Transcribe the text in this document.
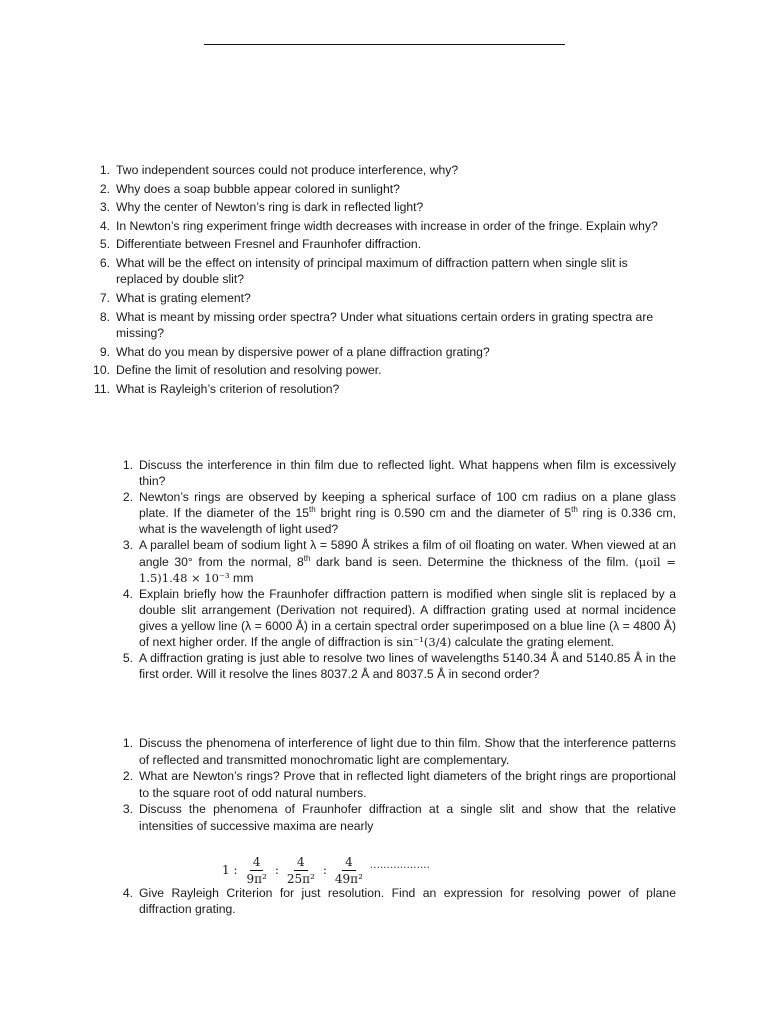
1. Two independent sources could not produce interference, why?
2. Why does a soap bubble appear colored in sunlight?
3. Why the center of Newton’s ring is dark in reflected light?
4. In Newton’s ring experiment fringe width decreases with increase in order of the fringe. Explain why?
5. Differentiate between Fresnel and Fraunhofer diffraction.
6. What will be the effect on intensity of principal maximum of diffraction pattern when single slit is replaced by double slit?
7. What is grating element?
8. What is meant by missing order spectra? Under what situations certain orders in grating spectra are missing?
9. What do you mean by dispersive power of a plane diffraction grating?
10. Define the limit of resolution and resolving power.
11. What is Rayleigh’s criterion of resolution?
1. Discuss the interference in thin film due to reflected light. What happens when film is excessively thin?
2. Newton’s rings are observed by keeping a spherical surface of 100 cm radius on a plane glass plate. If the diameter of the 15th bright ring is 0.590 cm and the diameter of 5th ring is 0.336 cm, what is the wavelength of light used?
3. A parallel beam of sodium light λ = 5890 Å strikes a film of oil floating on water. When viewed at an angle 30° from the normal, 8th dark band is seen. Determine the thickness of the film. (μoil = 1.5)1.48 × 10⁻³ mm
4. Explain briefly how the Fraunhofer diffraction pattern is modified when single slit is replaced by a double slit arrangement (Derivation not required). A diffraction grating used at normal incidence gives a yellow line (λ = 6000 Å) in a certain spectral order superimposed on a blue line (λ = 4800 Å) of next higher order. If the angle of diffraction is sin⁻¹(3/4) calculate the grating element.
5. A diffraction grating is just able to resolve two lines of wavelengths 5140.34 Å and 5140.85 Å in the first order. Will it resolve the lines 8037.2 Å and 8037.5 Å in second order?
1. Discuss the phenomena of interference of light due to thin film. Show that the interference patterns of reflected and transmitted monochromatic light are complementary.
2. What are Newton’s rings? Prove that in reflected light diameters of the bright rings are proportional to the square root of odd natural numbers.
3. Discuss the phenomena of Fraunhofer diffraction at a single slit and show that the relative intensities of successive maxima are nearly
4. Give Rayleigh Criterion for just resolution. Find an expression for resolving power of plane diffraction grating.
1 : $\frac{4}{\text{9π²}}$ : $\frac{4}{\text{25π²}}$ : $\frac{4}{\text{49π²}}$ ………………
